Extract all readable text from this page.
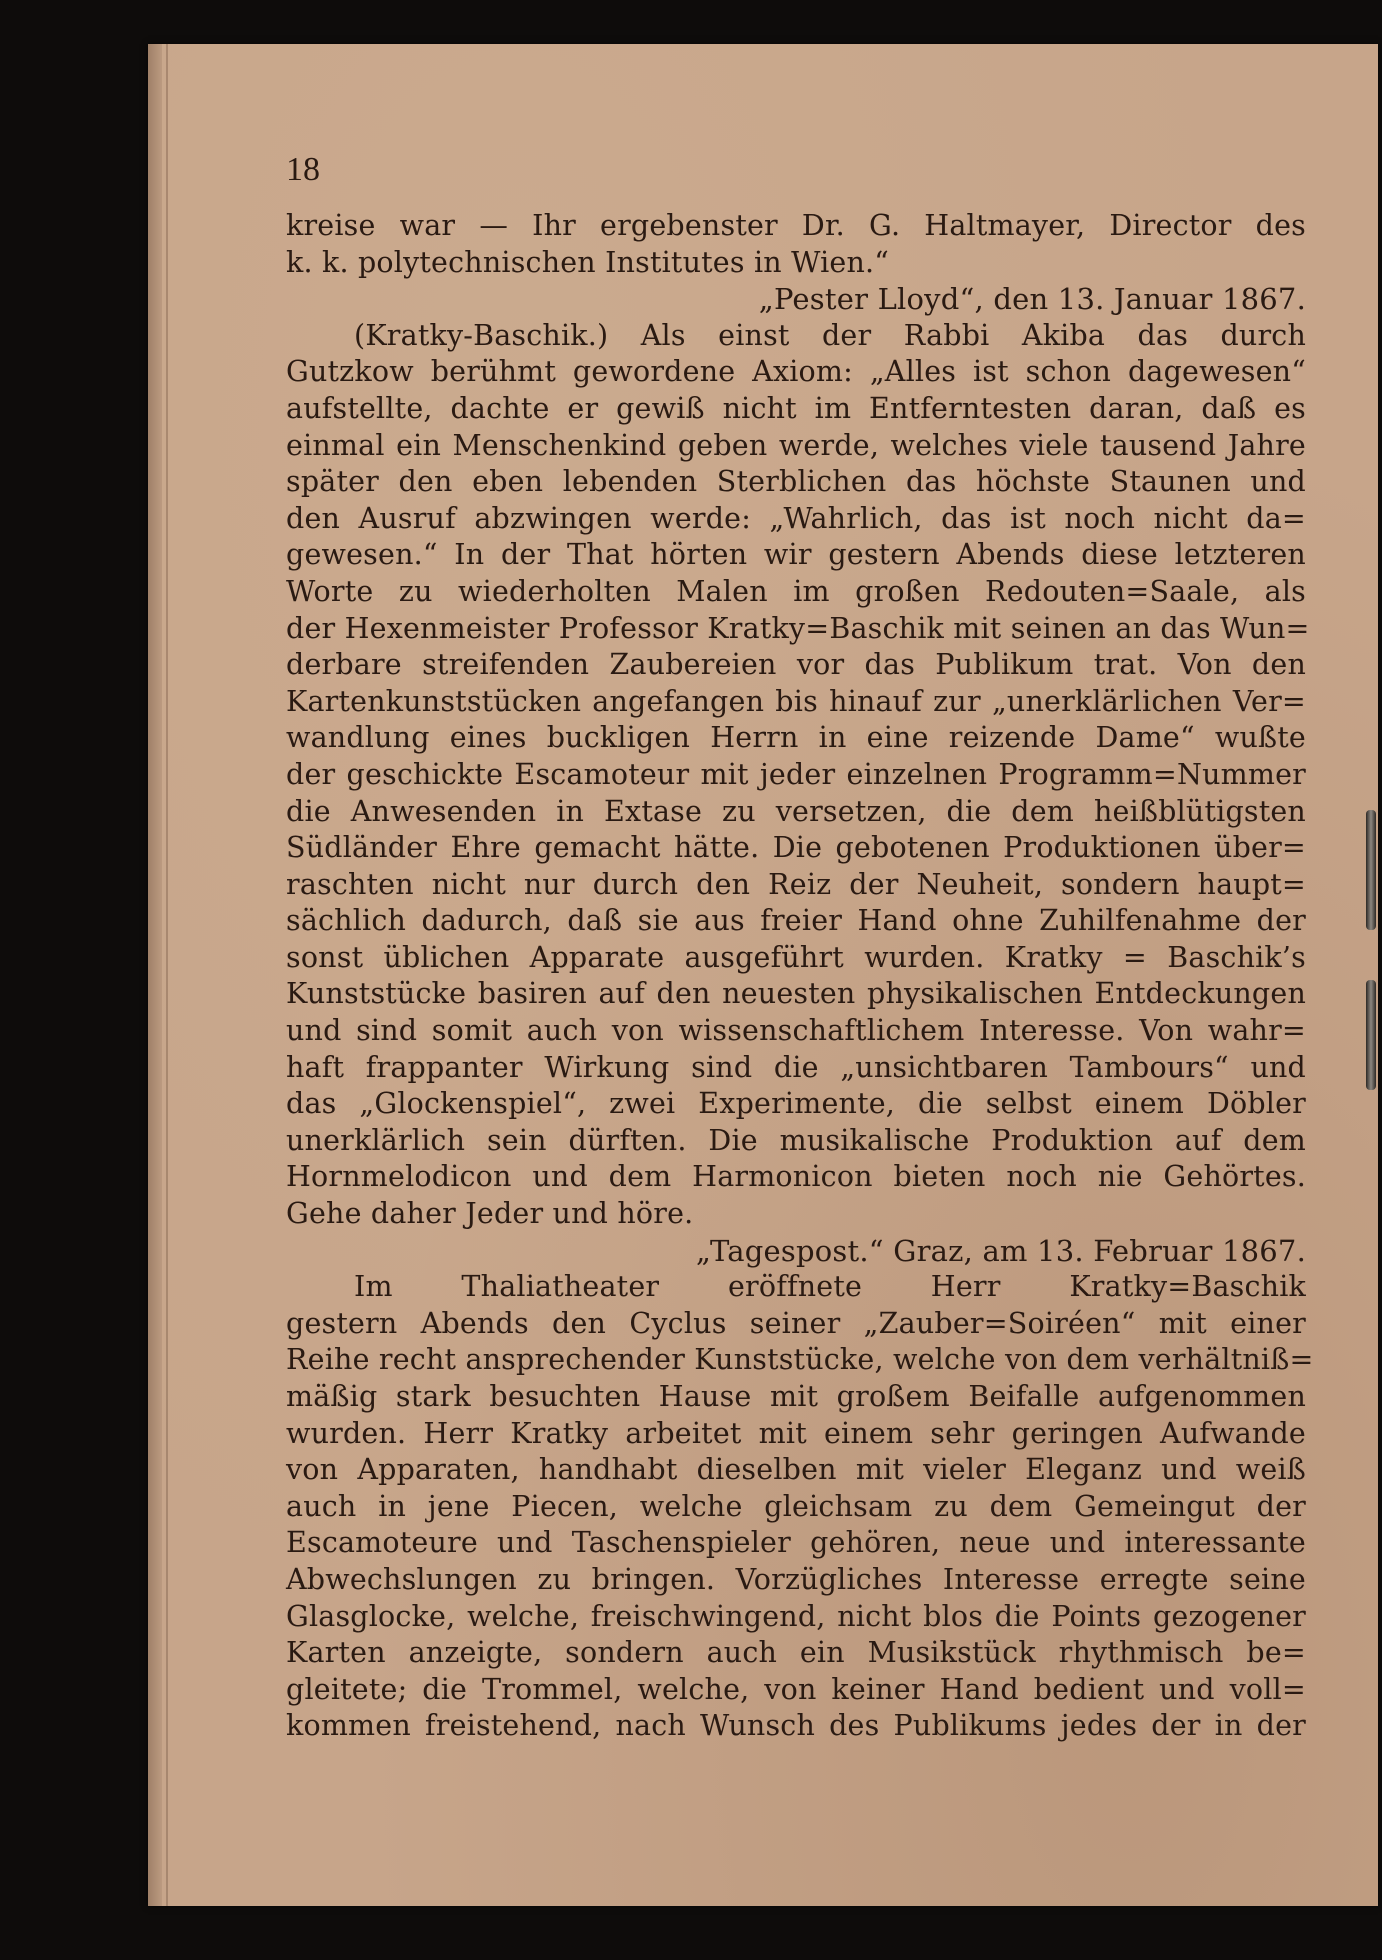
18
kreise war — Ihr ergebenster Dr. G. Haltmayer, Director des
k. k. polytechnischen Institutes in Wien.“
„Pester Lloyd“, den 13. Januar 1867.
(Kratky-Baschik.) Als einst der Rabbi Akiba das durch
Gutzkow berühmt gewordene Axiom: „Alles ist schon dagewesen“
aufstellte, dachte er gewiß nicht im Entferntesten daran, daß es
einmal ein Menschenkind geben werde, welches viele tausend Jahre
später den eben lebenden Sterblichen das höchste Staunen und
den Ausruf abzwingen werde: „Wahrlich, das ist noch nicht da=
gewesen.“ In der That hörten wir gestern Abends diese letzteren
Worte zu wiederholten Malen im großen Redouten=Saale, als
der Hexenmeister Professor Kratky=Baschik mit seinen an das Wun=
derbare streifenden Zaubereien vor das Publikum trat. Von den
Kartenkunststücken angefangen bis hinauf zur „unerklärlichen Ver=
wandlung eines buckligen Herrn in eine reizende Dame“ wußte
der geschickte Escamoteur mit jeder einzelnen Programm=Nummer
die Anwesenden in Extase zu versetzen, die dem heißblütigsten
Südländer Ehre gemacht hätte. Die gebotenen Produktionen über=
raschten nicht nur durch den Reiz der Neuheit, sondern haupt=
sächlich dadurch, daß sie aus freier Hand ohne Zuhilfenahme der
sonst üblichen Apparate ausgeführt wurden. Kratky = Baschik’s
Kunststücke basiren auf den neuesten physikalischen Entdeckungen
und sind somit auch von wissenschaftlichem Interesse. Von wahr=
haft frappanter Wirkung sind die „unsichtbaren Tambours“ und
das „Glockenspiel“, zwei Experimente, die selbst einem Döbler
unerklärlich sein dürften. Die musikalische Produktion auf dem
Hornmelodicon und dem Harmonicon bieten noch nie Gehörtes.
Gehe daher Jeder und höre.
„Tagespost.“ Graz, am 13. Februar 1867.
Im Thaliatheater eröffnete Herr Kratky=Baschik
gestern Abends den Cyclus seiner „Zauber=Soiréen“ mit einer
Reihe recht ansprechender Kunststücke, welche von dem verhältniß=
mäßig stark besuchten Hause mit großem Beifalle aufgenommen
wurden. Herr Kratky arbeitet mit einem sehr geringen Aufwande
von Apparaten, handhabt dieselben mit vieler Eleganz und weiß
auch in jene Piecen, welche gleichsam zu dem Gemeingut der
Escamoteure und Taschenspieler gehören, neue und interessante
Abwechslungen zu bringen. Vorzügliches Interesse erregte seine
Glasglocke, welche, freischwingend, nicht blos die Points gezogener
Karten anzeigte, sondern auch ein Musikstück rhythmisch be=
gleitete; die Trommel, welche, von keiner Hand bedient und voll=
kommen freistehend, nach Wunsch des Publikums jedes der in der
